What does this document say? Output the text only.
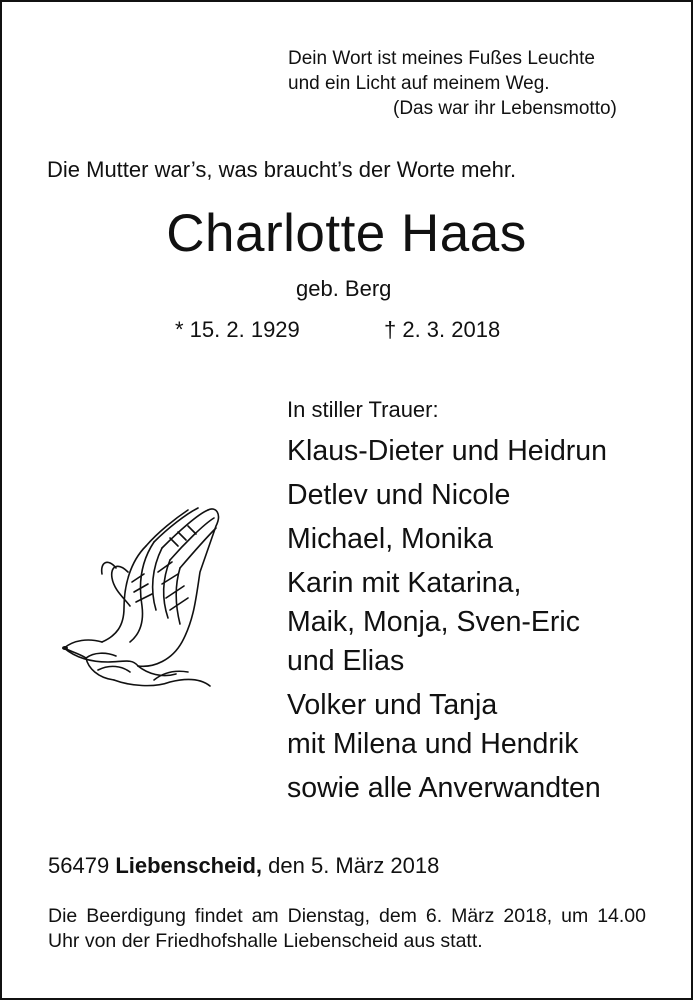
Dein Wort ist meines Fußes Leuchte
und ein Licht auf meinem Weg.
(Das war ihr Lebensmotto)
Die Mutter war’s, was braucht’s der Worte mehr.
Charlotte Haas
geb. Berg
* 15. 2. 1929	† 2. 3. 2018
In stiller Trauer:
Klaus-Dieter und Heidrun
Detlev und Nicole
Michael, Monika
Karin mit Katarina,
Maik, Monja, Sven-Eric
und Elias
Volker und Tanja
mit Milena und Hendrik
sowie alle Anverwandten
56479 Liebenscheid, den 5. März 2018
Die Beerdigung findet am Dienstag, dem 6. März 2018, um 14.00 Uhr von der Friedhofshalle Liebenscheid aus statt.
